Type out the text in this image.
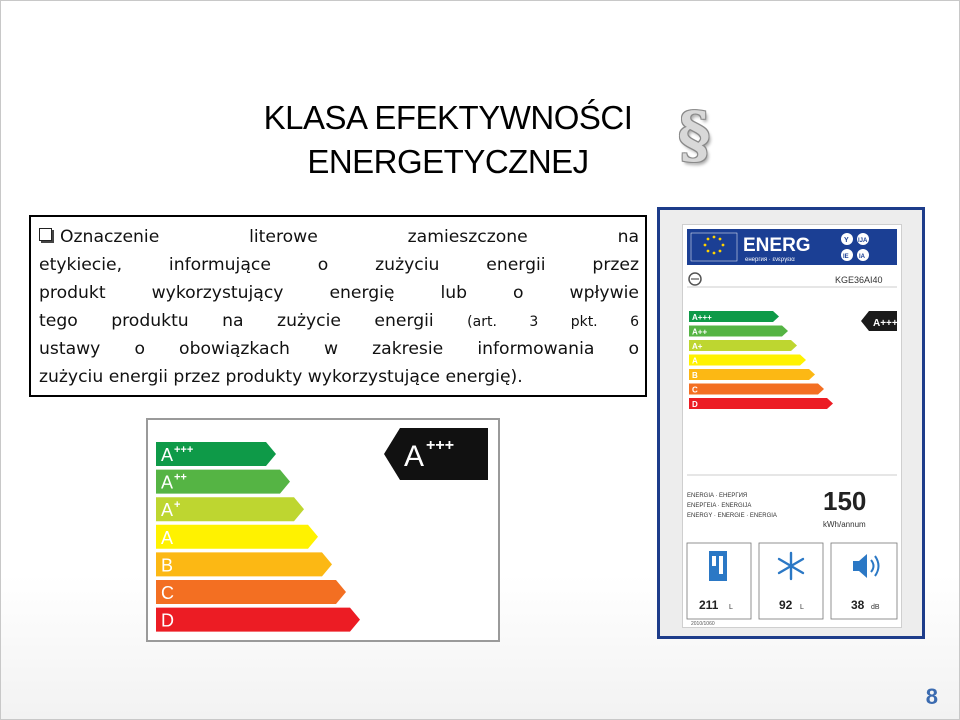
KLASA EFEKTYWNOŚCI
ENERGETYCZNEJ	§
Oznaczenie literowe zamieszczone na
etykiecie, informujące o zużyciu energii przez
produkt wykorzystujący energię lub o wpływie
tego produktu na zużycie energii (art. 3 pkt. 6
ustawy o obowiązkach w zakresie informowania o
zużyciu energii przez produkty wykorzystujące energię).
A +++
A ++
A +
A
B
C
D
A +++
ENERG
енергия · ενεργεια
Y IJA
IE IA
KGE36AI40
A+++
A++
A+
A
B
C
D
A+++
ENERGIA · ЕНЕРГИЯ
ΕΝΕΡΓΕΙΑ · ENERGIJA
ENERGY · ENERGIE · ENERGIA 150
kWh/annum
211 L	92 L	38 dB
2010/1060
8
